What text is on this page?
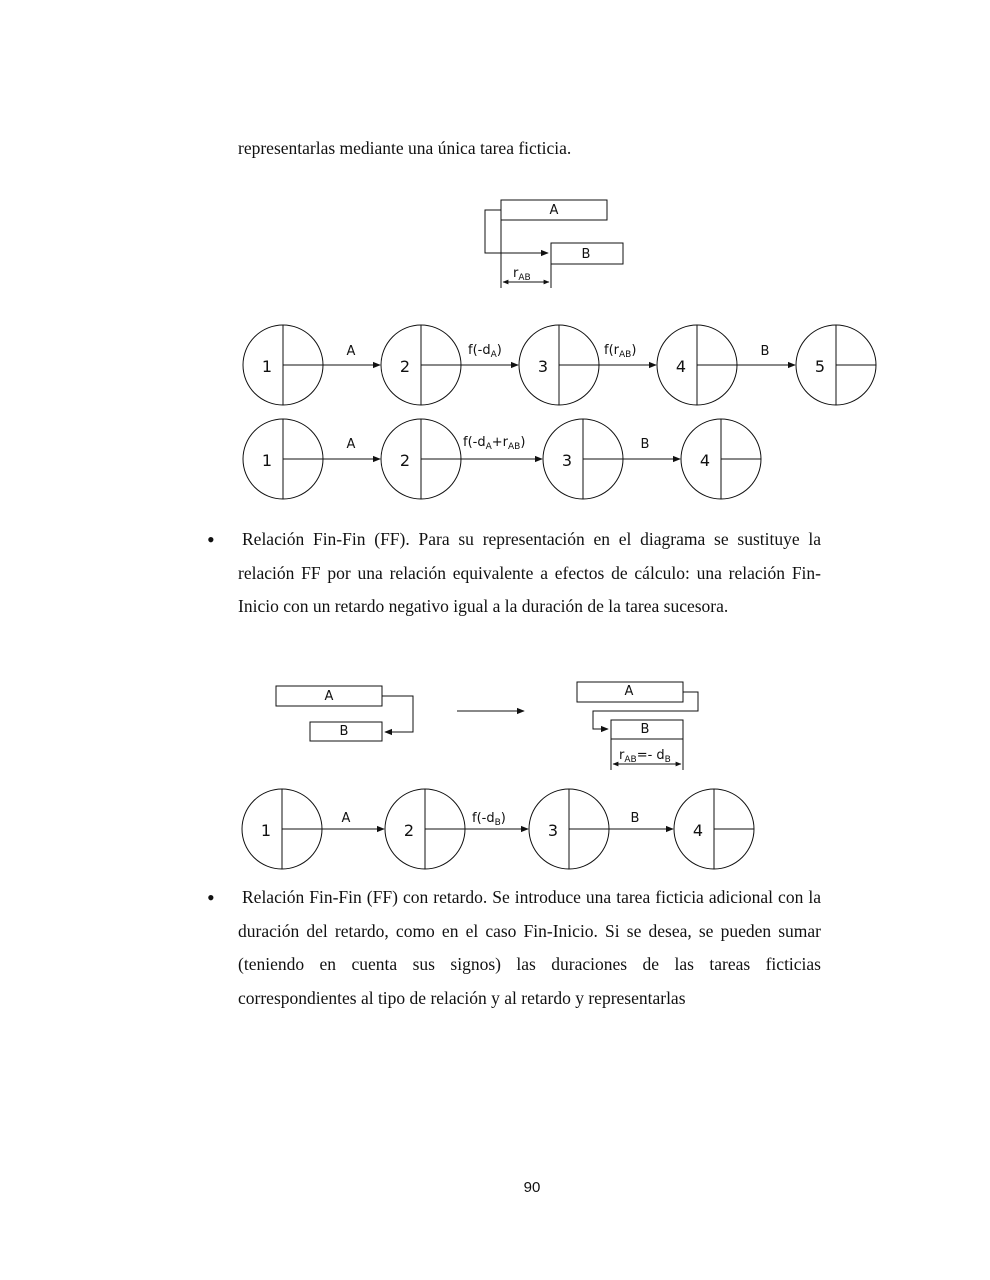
representarlas mediante una única tarea ficticia.
A
B
$r_{AB}$
1	2	3	4	5
A	$f(-d_A)$	$f(r_{AB})$	B
1	2	3	4
A	$f(-d_A+r_{AB})$	B
• Relación Fin-Fin (FF). Para su representación en el diagrama se sustituye la relación FF por una relación equivalente a efectos de cálculo: una relación Fin-Inicio con un retardo negativo igual a la duración de la tarea sucesora.
A
B
A
B
$r_{AB}=-$ $d_B$
1	2	3	4
A	$f(-d_B)$	B
• Relación Fin-Fin (FF) con retardo. Se introduce una tarea ficticia adicional con la duración del retardo, como en el caso Fin-Inicio. Si se desea, se pueden sumar (teniendo en cuenta sus signos) las duraciones de las tareas ficticias correspondientes al tipo de relación y al retardo y representarlas
90
